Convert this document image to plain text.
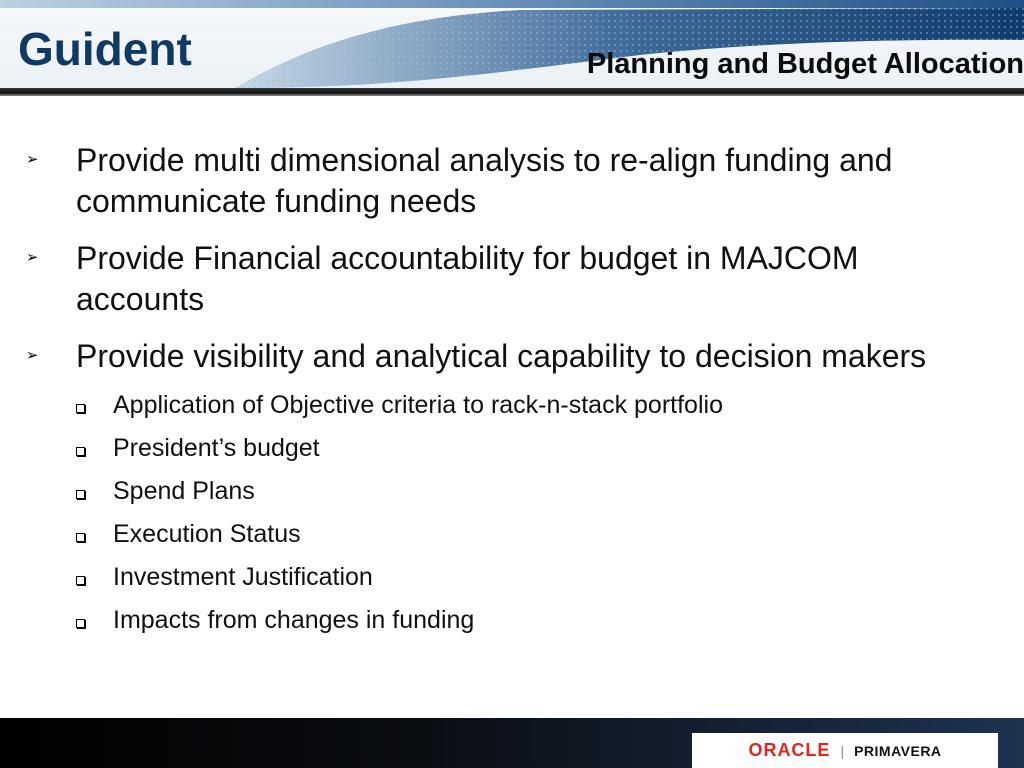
Guident	Planning and Budget Allocation
➢ Provide multi dimensional analysis to re-align funding and communicate funding needs
➢ Provide Financial accountability for budget in MAJCOM accounts
➢ Provide visibility and analytical capability to decision makers
Application of Objective criteria to rack-n-stack portfolio
President’s budget
Spend Plans
Execution Status
Investment Justification
Impacts from changes in funding
ORACLE | PRIMAVERA
